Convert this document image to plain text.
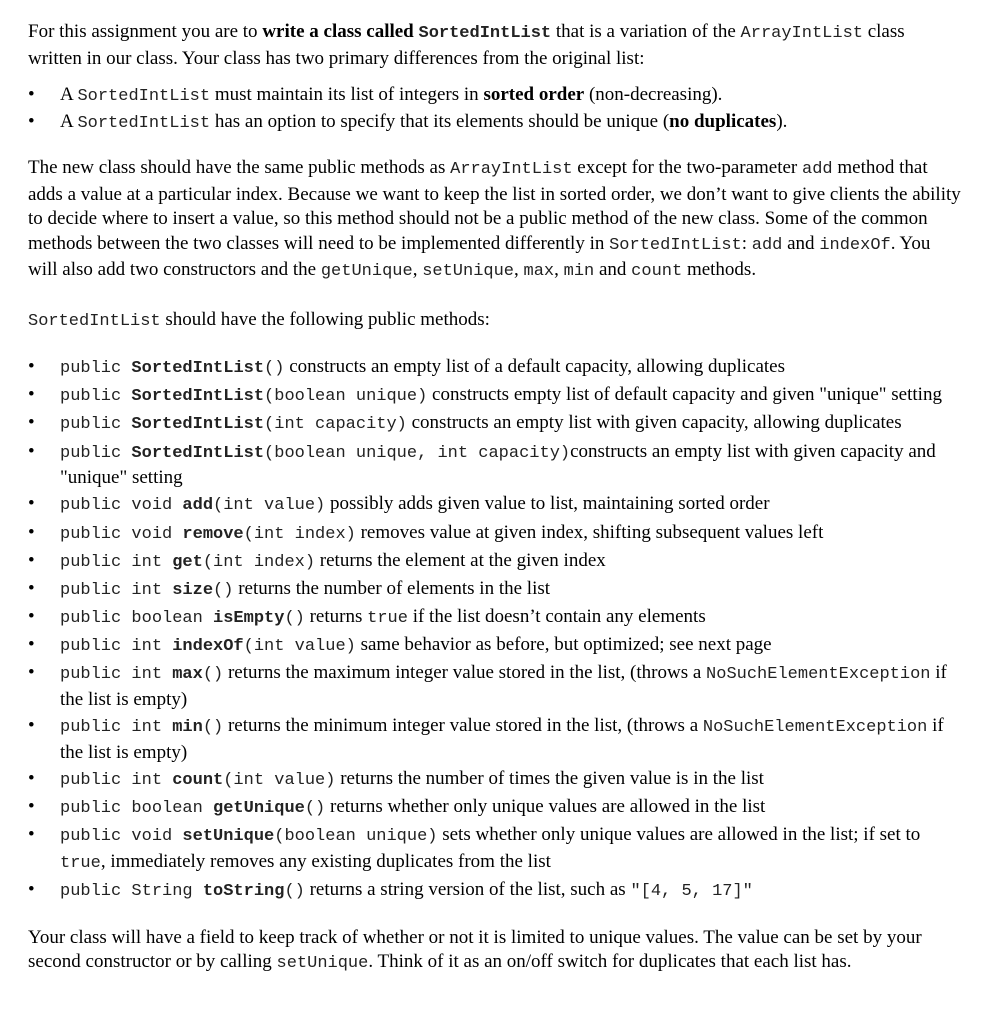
For this assignment you are to write a class called SortedIntList that is a variation of the ArrayIntList class written in our class. Your class has two primary differences from the original list:

• A SortedIntList must maintain its list of integers in sorted order (non-decreasing).
• A SortedIntList has an option to specify that its elements should be unique (no duplicates).

The new class should have the same public methods as ArrayIntList except for the two-parameter add method that adds a value at a particular index. Because we want to keep the list in sorted order, we don’t want to give clients the ability to decide where to insert a value, so this method should not be a public method of the new class. Some of the common methods between the two classes will need to be implemented differently in SortedIntList: add and indexOf. You will also add two constructors and the getUnique, setUnique, max, min and count methods.

SortedIntList should have the following public methods:

• public SortedIntList() constructs an empty list of a default capacity, allowing duplicates
• public SortedIntList(boolean unique) constructs empty list of default capacity and given "unique" setting
• public SortedIntList(int capacity) constructs an empty list with given capacity, allowing duplicates
• public SortedIntList(boolean unique, int capacity)constructs an empty list with given capacity and "unique" setting
• public void add(int value) possibly adds given value to list, maintaining sorted order
• public void remove(int index) removes value at given index, shifting subsequent values left
• public int get(int index) returns the element at the given index
• public int size() returns the number of elements in the list
• public boolean isEmpty() returns true if the list doesn’t contain any elements
• public int indexOf(int value) same behavior as before, but optimized; see next page
• public int max() returns the maximum integer value stored in the list, (throws a NoSuchElementException if the list is empty)
• public int min() returns the minimum integer value stored in the list, (throws a NoSuchElementException if the list is empty)
• public int count(int value) returns the number of times the given value is in the list
• public boolean getUnique() returns whether only unique values are allowed in the list
• public void setUnique(boolean unique) sets whether only unique values are allowed in the list; if set to true, immediately removes any existing duplicates from the list
• public String toString() returns a string version of the list, such as "[4, 5, 17]"

Your class will have a field to keep track of whether or not it is limited to unique values. The value can be set by your second constructor or by calling setUnique. Think of it as an on/off switch for duplicates that each list has.
